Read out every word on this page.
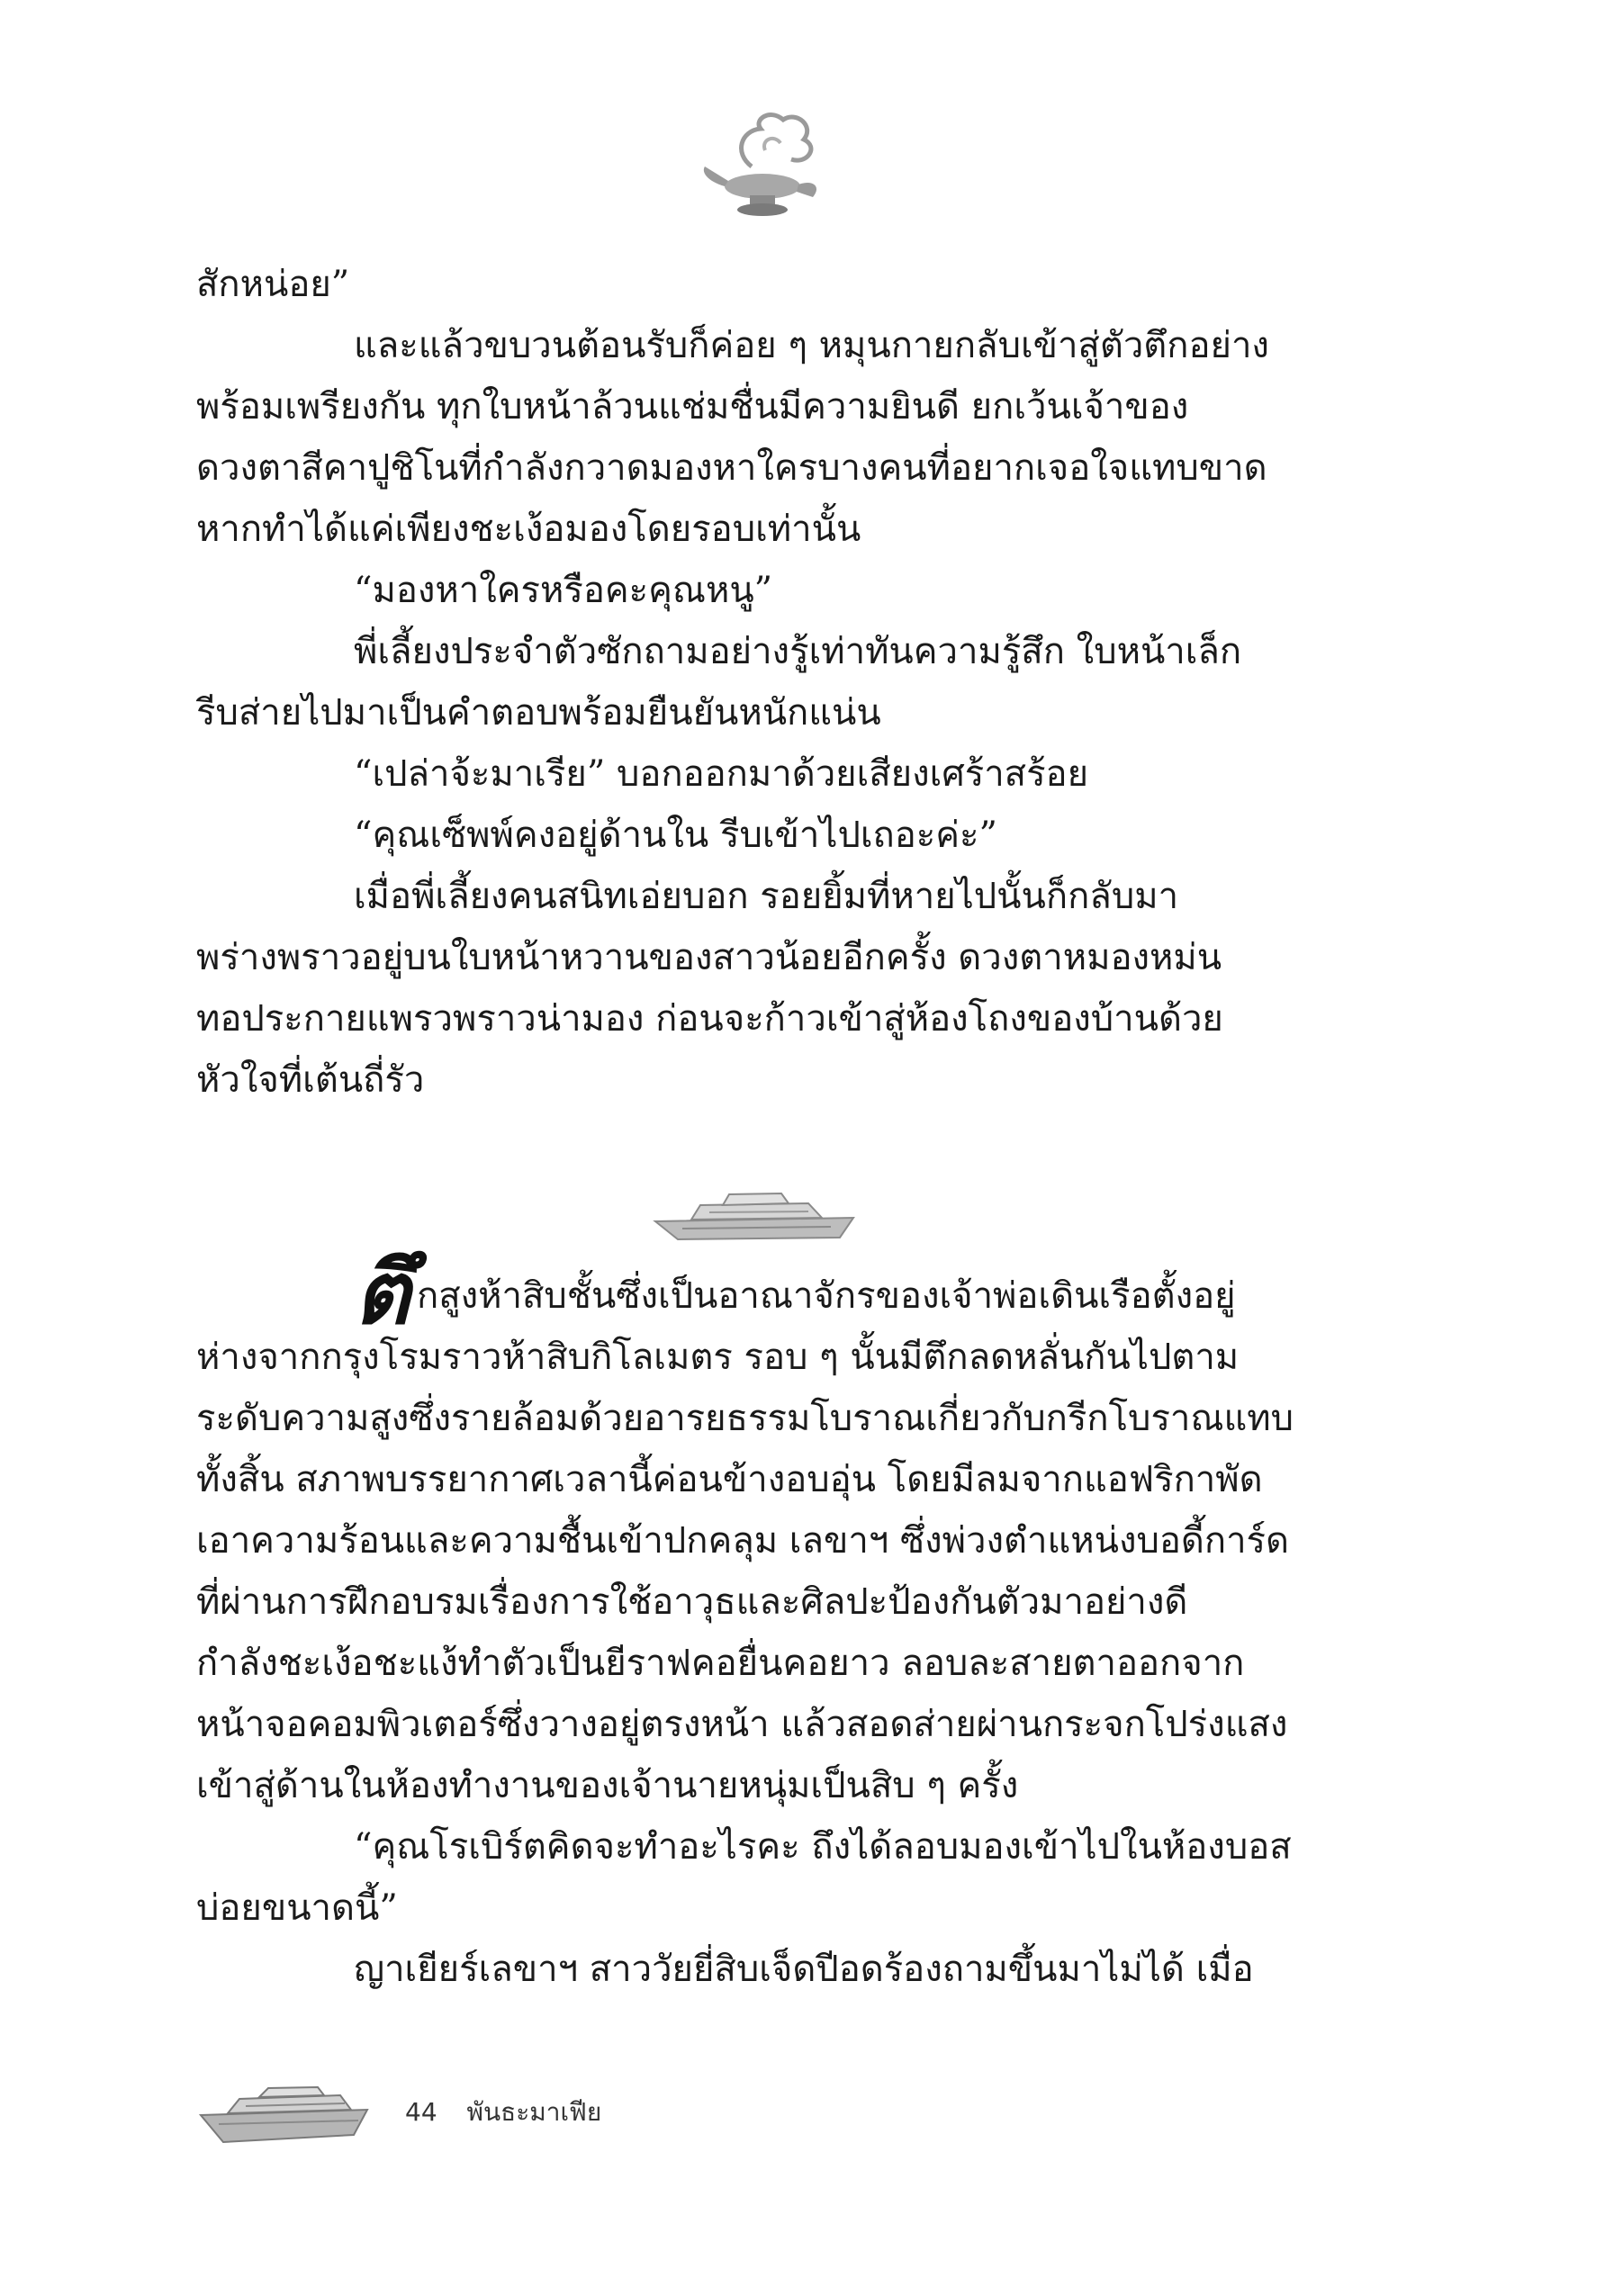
สักหน่อย”
และแล้วขบวนต้อนรับก็ค่อย ๆ หมุนกายกลับเข้าสู่ตัวตึกอย่าง
พร้อมเพรียงกัน ทุกใบหน้าล้วนแช่มชื่นมีความยินดี ยกเว้นเจ้าของ
ดวงตาสีคาปูชิโนที่กำลังกวาดมองหาใครบางคนที่อยากเจอใจแทบขาด
หากทำได้แค่เพียงชะเง้อมองโดยรอบเท่านั้น
“มองหาใครหรือคะคุณหนู”
พี่เลี้ยงประจำตัวซักถามอย่างรู้เท่าทันความรู้สึก ใบหน้าเล็ก
รีบส่ายไปมาเป็นคำตอบพร้อมยืนยันหนักแน่น
“เปล่าจ้ะมาเรีย” บอกออกมาด้วยเสียงเศร้าสร้อย
“คุณเซ็พพ์คงอยู่ด้านใน รีบเข้าไปเถอะค่ะ”
เมื่อพี่เลี้ยงคนสนิทเอ่ยบอก รอยยิ้มที่หายไปนั้นก็กลับมา
พร่างพราวอยู่บนใบหน้าหวานของสาวน้อยอีกครั้ง ดวงตาหมองหม่น
ทอประกายแพรวพราวน่ามอง ก่อนจะก้าวเข้าสู่ห้องโถงของบ้านด้วย
หัวใจที่เต้นถี่รัว
ตึ กสูงห้าสิบชั้นซึ่งเป็นอาณาจักรของเจ้าพ่อเดินเรือตั้งอยู่
ห่างจากกรุงโรมราวห้าสิบกิโลเมตร รอบ ๆ นั้นมีตึกลดหลั่นกันไปตาม
ระดับความสูงซึ่งรายล้อมด้วยอารยธรรมโบราณเกี่ยวกับกรีกโบราณแทบ
ทั้งสิ้น สภาพบรรยากาศเวลานี้ค่อนข้างอบอุ่น โดยมีลมจากแอฟริกาพัด
เอาความร้อนและความชื้นเข้าปกคลุม เลขาฯ ซึ่งพ่วงตำแหน่งบอดี้การ์ด
ที่ผ่านการฝึกอบรมเรื่องการใช้อาวุธและศิลปะป้องกันตัวมาอย่างดี
กำลังชะเง้อชะแง้ทำตัวเป็นยีราฟคอยื่นคอยาว ลอบละสายตาออกจาก
หน้าจอคอมพิวเตอร์ซึ่งวางอยู่ตรงหน้า แล้วสอดส่ายผ่านกระจกโปร่งแสง
เข้าสู่ด้านในห้องทำงานของเจ้านายหนุ่มเป็นสิบ ๆ ครั้ง
“คุณโรเบิร์ตคิดจะทำอะไรคะ ถึงได้ลอบมองเข้าไปในห้องบอส
บ่อยขนาดนี้”
ญาเยียร์เลขาฯ สาววัยยี่สิบเจ็ดปีอดร้องถามขึ้นมาไม่ได้ เมื่อ
44 พันธะมาเฟีย
